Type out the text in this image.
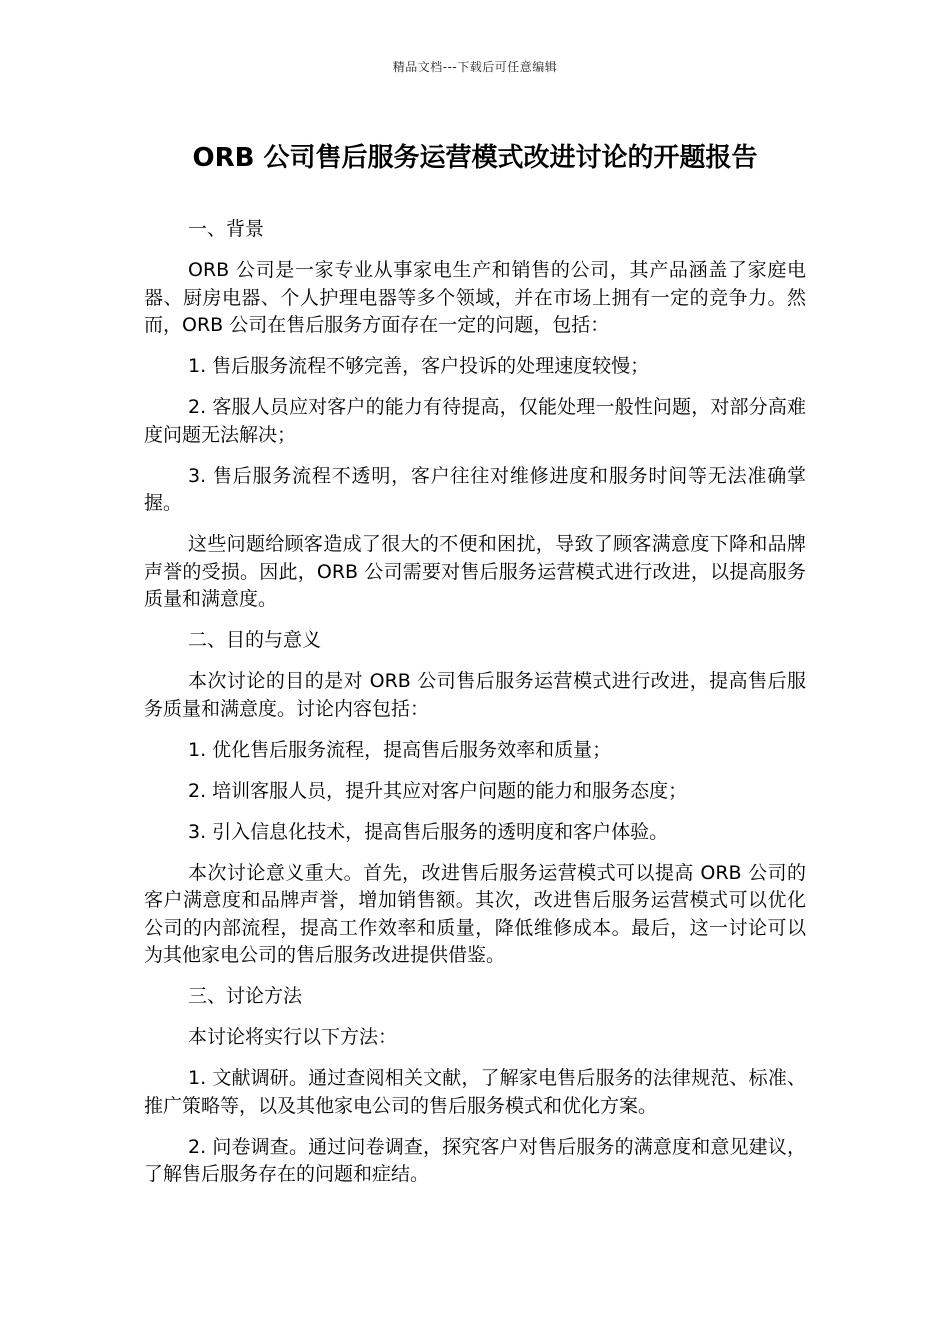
精品文档---下载后可任意编辑
ORB 公司售后服务运营模式改进讨论的开题报告

一、背景

ORB 公司是一家专业从事家电生产和销售的公司，其产品涵盖了家庭电器、厨房电器、个人护理电器等多个领域，并在市场上拥有一定的竞争力。然而，ORB 公司在售后服务方面存在一定的问题，包括：

1. 售后服务流程不够完善，客户投诉的处理速度较慢；

2. 客服人员应对客户的能力有待提高，仅能处理一般性问题，对部分高难度问题无法解决；

3. 售后服务流程不透明，客户往往对维修进度和服务时间等无法准确掌握。

这些问题给顾客造成了很大的不便和困扰，导致了顾客满意度下降和品牌声誉的受损。因此，ORB 公司需要对售后服务运营模式进行改进，以提高服务质量和满意度。

二、目的与意义

本次讨论的目的是对 ORB 公司售后服务运营模式进行改进，提高售后服务质量和满意度。讨论内容包括：

1. 优化售后服务流程，提高售后服务效率和质量；

2. 培训客服人员，提升其应对客户问题的能力和服务态度；

3. 引入信息化技术，提高售后服务的透明度和客户体验。

本次讨论意义重大。首先，改进售后服务运营模式可以提高 ORB 公司的客户满意度和品牌声誉，增加销售额。其次，改进售后服务运营模式可以优化公司的内部流程，提高工作效率和质量，降低维修成本。最后，这一讨论可以为其他家电公司的售后服务改进提供借鉴。

三、讨论方法

本讨论将实行以下方法：

1. 文献调研。通过查阅相关文献，了解家电售后服务的法律规范、标准、推广策略等，以及其他家电公司的售后服务模式和优化方案。

2. 问卷调查。通过问卷调查，探究客户对售后服务的满意度和意见建议，了解售后服务存在的问题和症结。
